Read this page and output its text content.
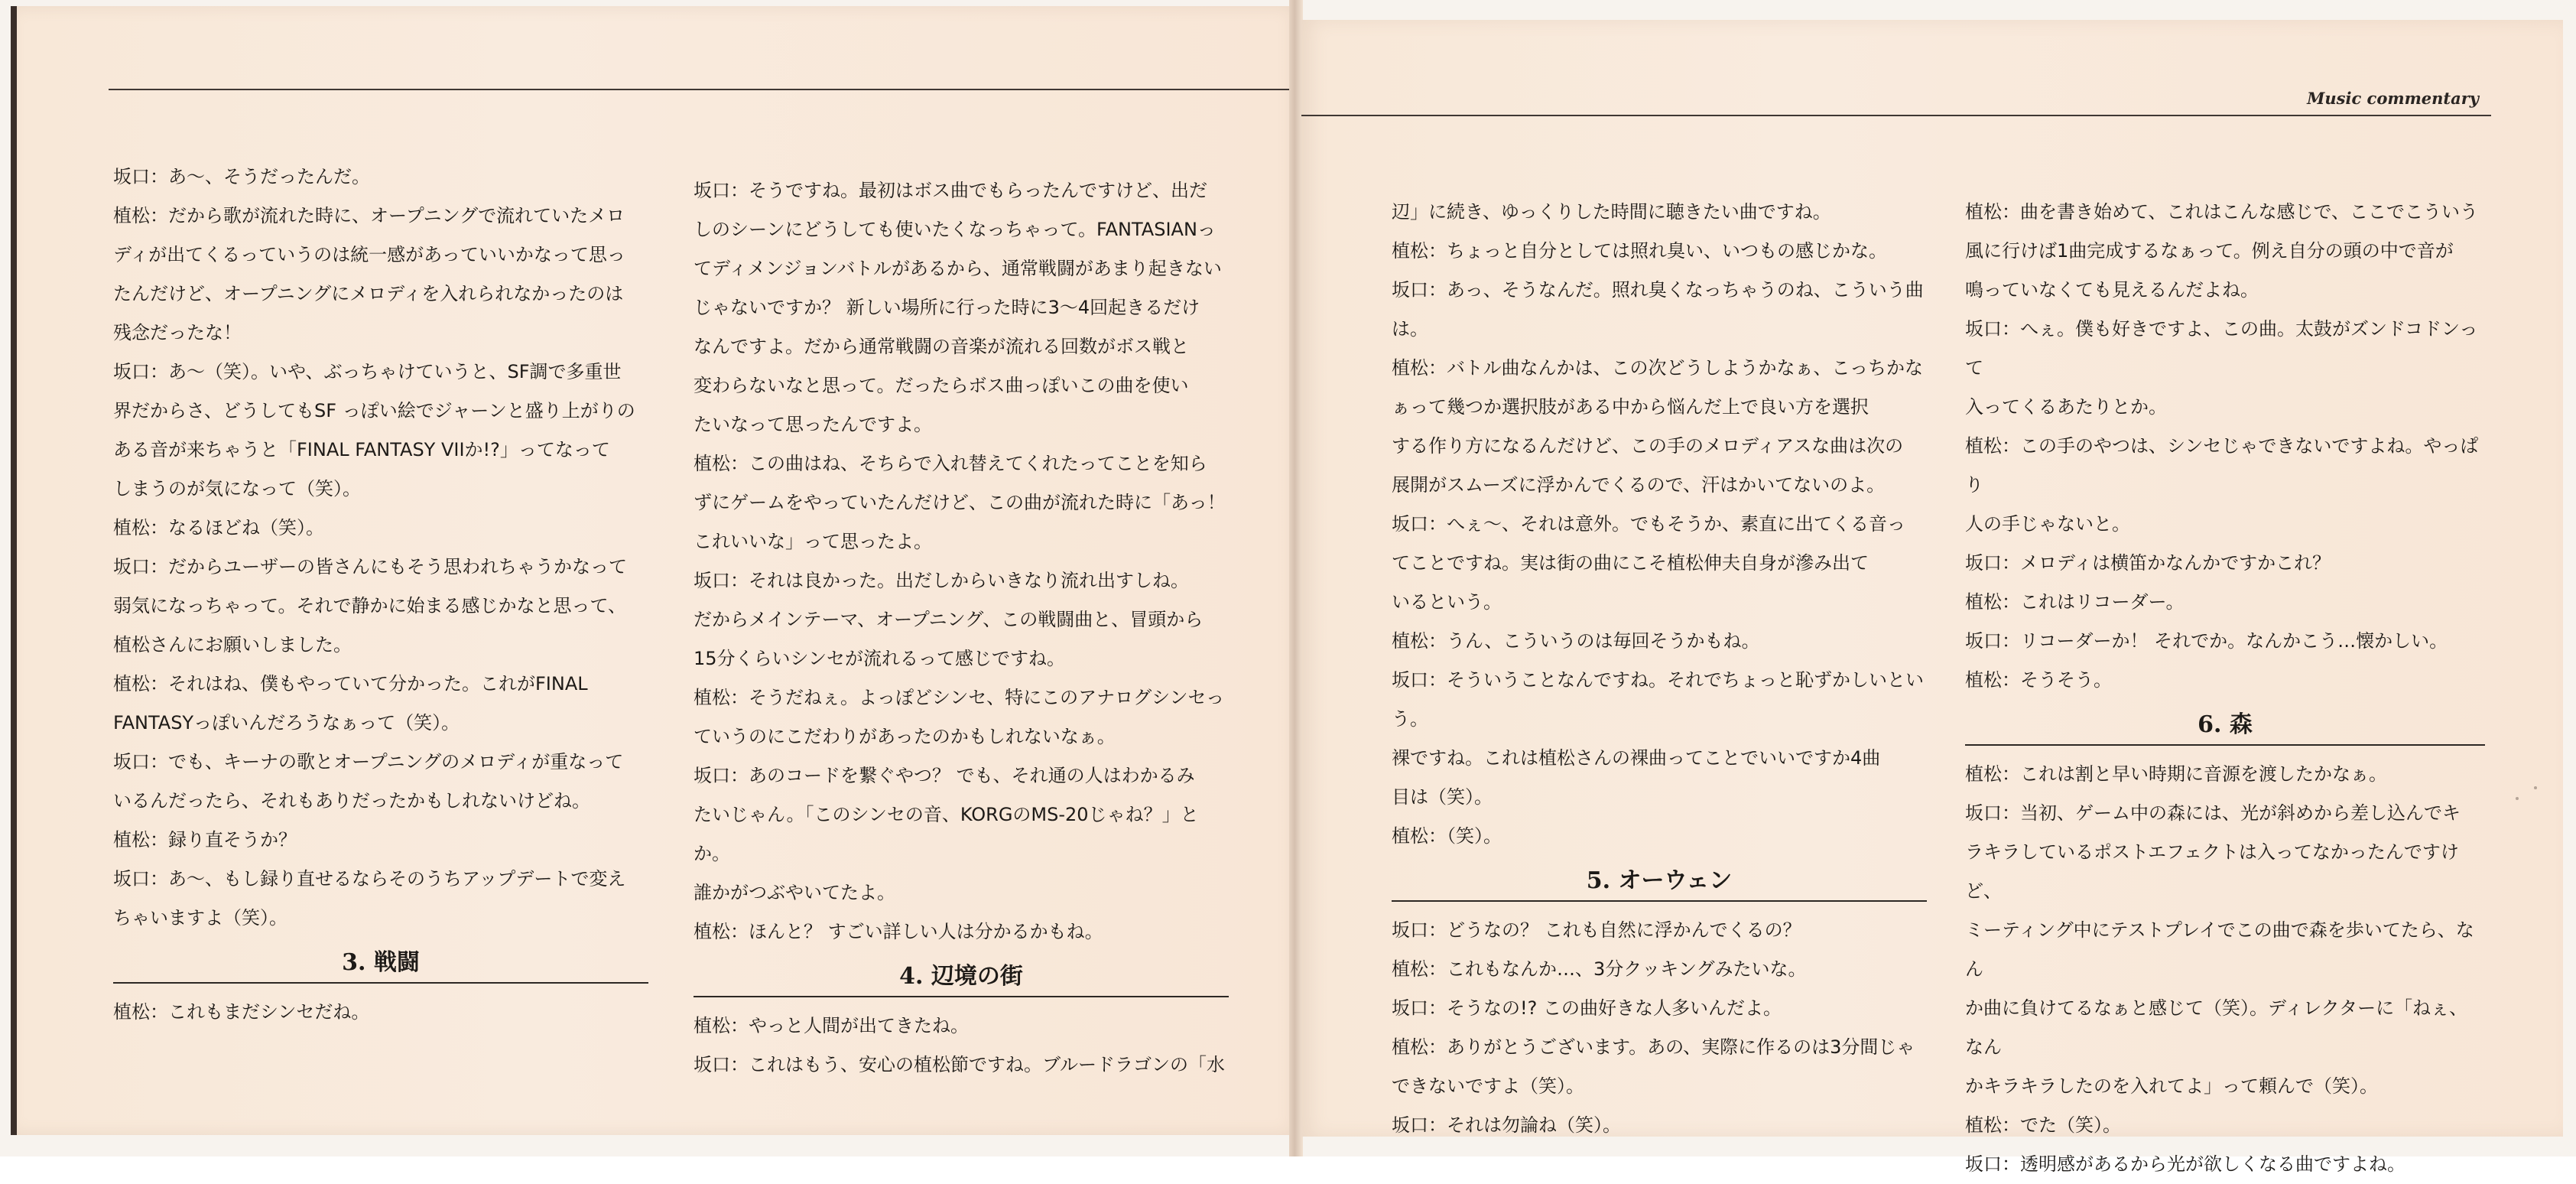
坂口：あ〜、そうだったんだ。

植松：だから歌が流れた時に、オープニングで流れていたメロ

ディが出てくるっていうのは統一感があっていいかなって思っ

たんだけど、オープニングにメロディを入れられなかったのは

残念だったな！

坂口：あ〜（笑）。いや、ぶっちゃけていうと、SF調で多重世

界だからさ、どうしてもSF っぽい絵でジャーンと盛り上がりの

ある音が来ちゃうと「FINAL FANTASY VIIか!?」ってなって

しまうのが気になって（笑）。

植松：なるほどね（笑）。

坂口：だからユーザーの皆さんにもそう思われちゃうかなって

弱気になっちゃって。それで静かに始まる感じかなと思って、

植松さんにお願いしました。

植松：それはね、僕もやっていて分かった。これがFINAL

FANTASYっぽいんだろうなぁって（笑）。

坂口：でも、キーナの歌とオープニングのメロディが重なって

いるんだったら、それもありだったかもしれないけどね。

植松：録り直そうか？

坂口：あ〜、もし録り直せるならそのうちアップデートで変え

ちゃいますよ（笑）。

3. 戦闘

植松：これもまだシンセだね。

坂口：そうですね。最初はボス曲でもらったんですけど、出だ

しのシーンにどうしても使いたくなっちゃって。FANTASIANっ

てディメンジョンバトルがあるから、通常戦闘があまり起きない

じゃないですか？ 新しい場所に行った時に3〜4回起きるだけ

なんですよ。だから通常戦闘の音楽が流れる回数がボス戦と

変わらないなと思って。だったらボス曲っぽいこの曲を使い

たいなって思ったんですよ。

植松：この曲はね、そちらで入れ替えてくれたってことを知ら

ずにゲームをやっていたんだけど、この曲が流れた時に「あっ！

これいいな」って思ったよ。

坂口：それは良かった。出だしからいきなり流れ出すしね。

だからメインテーマ、オープニング、この戦闘曲と、冒頭から

15分くらいシンセが流れるって感じですね。

植松：そうだねぇ。よっぽどシンセ、特にこのアナログシンセっ

ていうのにこだわりがあったのかもしれないなぁ。

坂口：あのコードを繋ぐやつ？ でも、それ通の人はわかるみ

たいじゃん。「このシンセの音、KORGのMS-20じゃね？」とか。

誰かがつぶやいてたよ。

植松：ほんと？ すごい詳しい人は分かるかもね。

4. 辺境の街

植松：やっと人間が出てきたね。

坂口：これはもう、安心の植松節ですね。ブルードラゴンの「水

Music commentary

辺」に続き、ゆっくりした時間に聴きたい曲ですね。

植松：ちょっと自分としては照れ臭い、いつもの感じかな。

坂口：あっ、そうなんだ。照れ臭くなっちゃうのね、こういう曲は。

植松：バトル曲なんかは、この次どうしようかなぁ、こっちかな

ぁって幾つか選択肢がある中から悩んだ上で良い方を選択

する作り方になるんだけど、この手のメロディアスな曲は次の

展開がスムーズに浮かんでくるので、汗はかいてないのよ。

坂口：へぇ〜、それは意外。でもそうか、素直に出てくる音っ

てことですね。実は街の曲にこそ植松伸夫自身が滲み出て

いるという。

植松：うん、こういうのは毎回そうかもね。

坂口：そういうことなんですね。それでちょっと恥ずかしいという。

裸ですね。これは植松さんの裸曲ってことでいいですか4曲

目は（笑）。

植松：（笑）。

5. オーウェン

坂口：どうなの？ これも自然に浮かんでくるの？

植松：これもなんか…、3分クッキングみたいな。

坂口：そうなの!? この曲好きな人多いんだよ。

植松：ありがとうございます。あの、実際に作るのは3分間じゃ

できないですよ（笑）。

坂口：それは勿論ね（笑）。

植松：曲を書き始めて、これはこんな感じで、ここでこういう

風に行けば1曲完成するなぁって。例え自分の頭の中で音が

鳴っていなくても見えるんだよね。

坂口：へぇ。僕も好きですよ、この曲。太鼓がズンドコドンって

入ってくるあたりとか。

植松：この手のやつは、シンセじゃできないですよね。やっぱり

人の手じゃないと。

坂口：メロディは横笛かなんかですかこれ？

植松：これはリコーダー。

坂口：リコーダーか！ それでか。なんかこう…懐かしい。

植松：そうそう。

6. 森

植松：これは割と早い時期に音源を渡したかなぁ。

坂口：当初、ゲーム中の森には、光が斜めから差し込んでキ

ラキラしているポストエフェクトは入ってなかったんですけど、

ミーティング中にテストプレイでこの曲で森を歩いてたら、なん

か曲に負けてるなぁと感じて（笑）。ディレクターに「ねぇ、なん

かキラキラしたのを入れてよ」って頼んで（笑）。

植松：でた（笑）。

坂口：透明感があるから光が欲しくなる曲ですよね。
